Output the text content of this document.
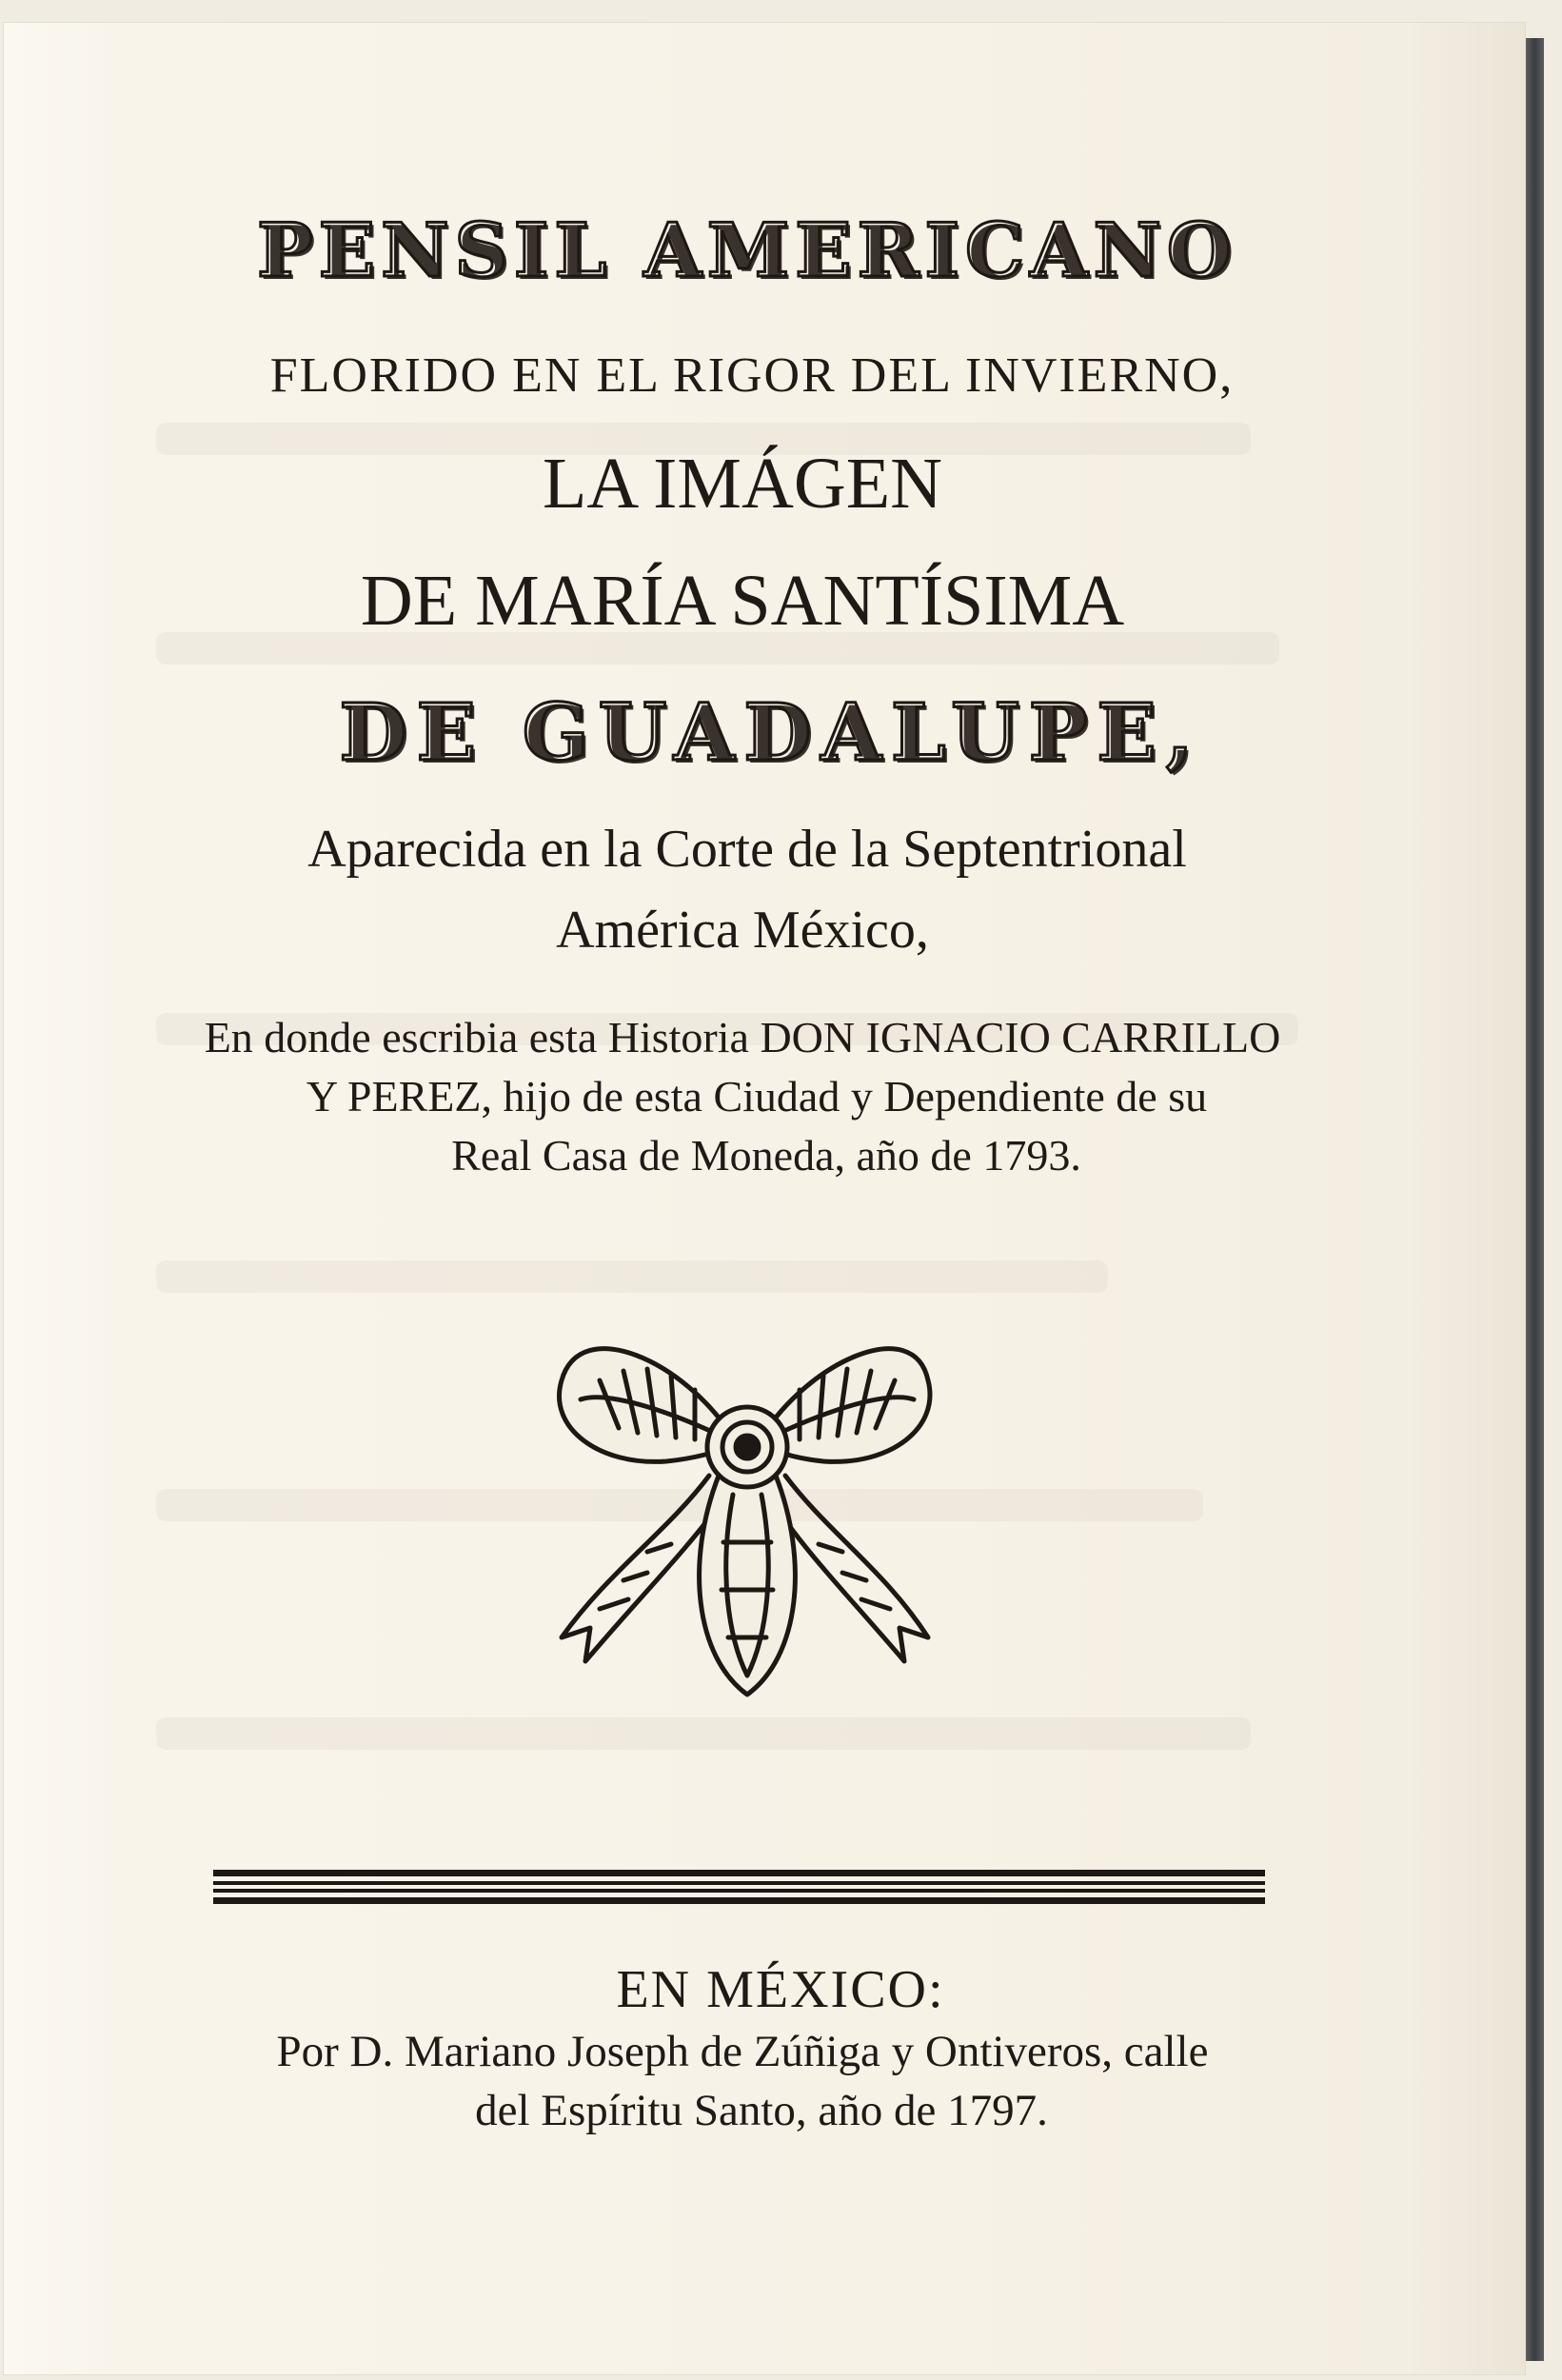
PENSIL AMERICANO
FLORIDO EN EL RIGOR DEL INVIERNO,
LA IMÁGEN
DE MARÍA SANTÍSIMA
DE GUADALUPE,
Aparecida en la Corte de la Septentrional
América México,
En donde escribia esta Historia DON IGNACIO CARRILLO
Y PEREZ, hijo de esta Ciudad y Dependiente de su
Real Casa de Moneda, año de 1793.
EN MÉXICO:
Por D. Mariano Joseph de Zúñiga y Ontiveros, calle
del Espíritu Santo, año de 1797.
